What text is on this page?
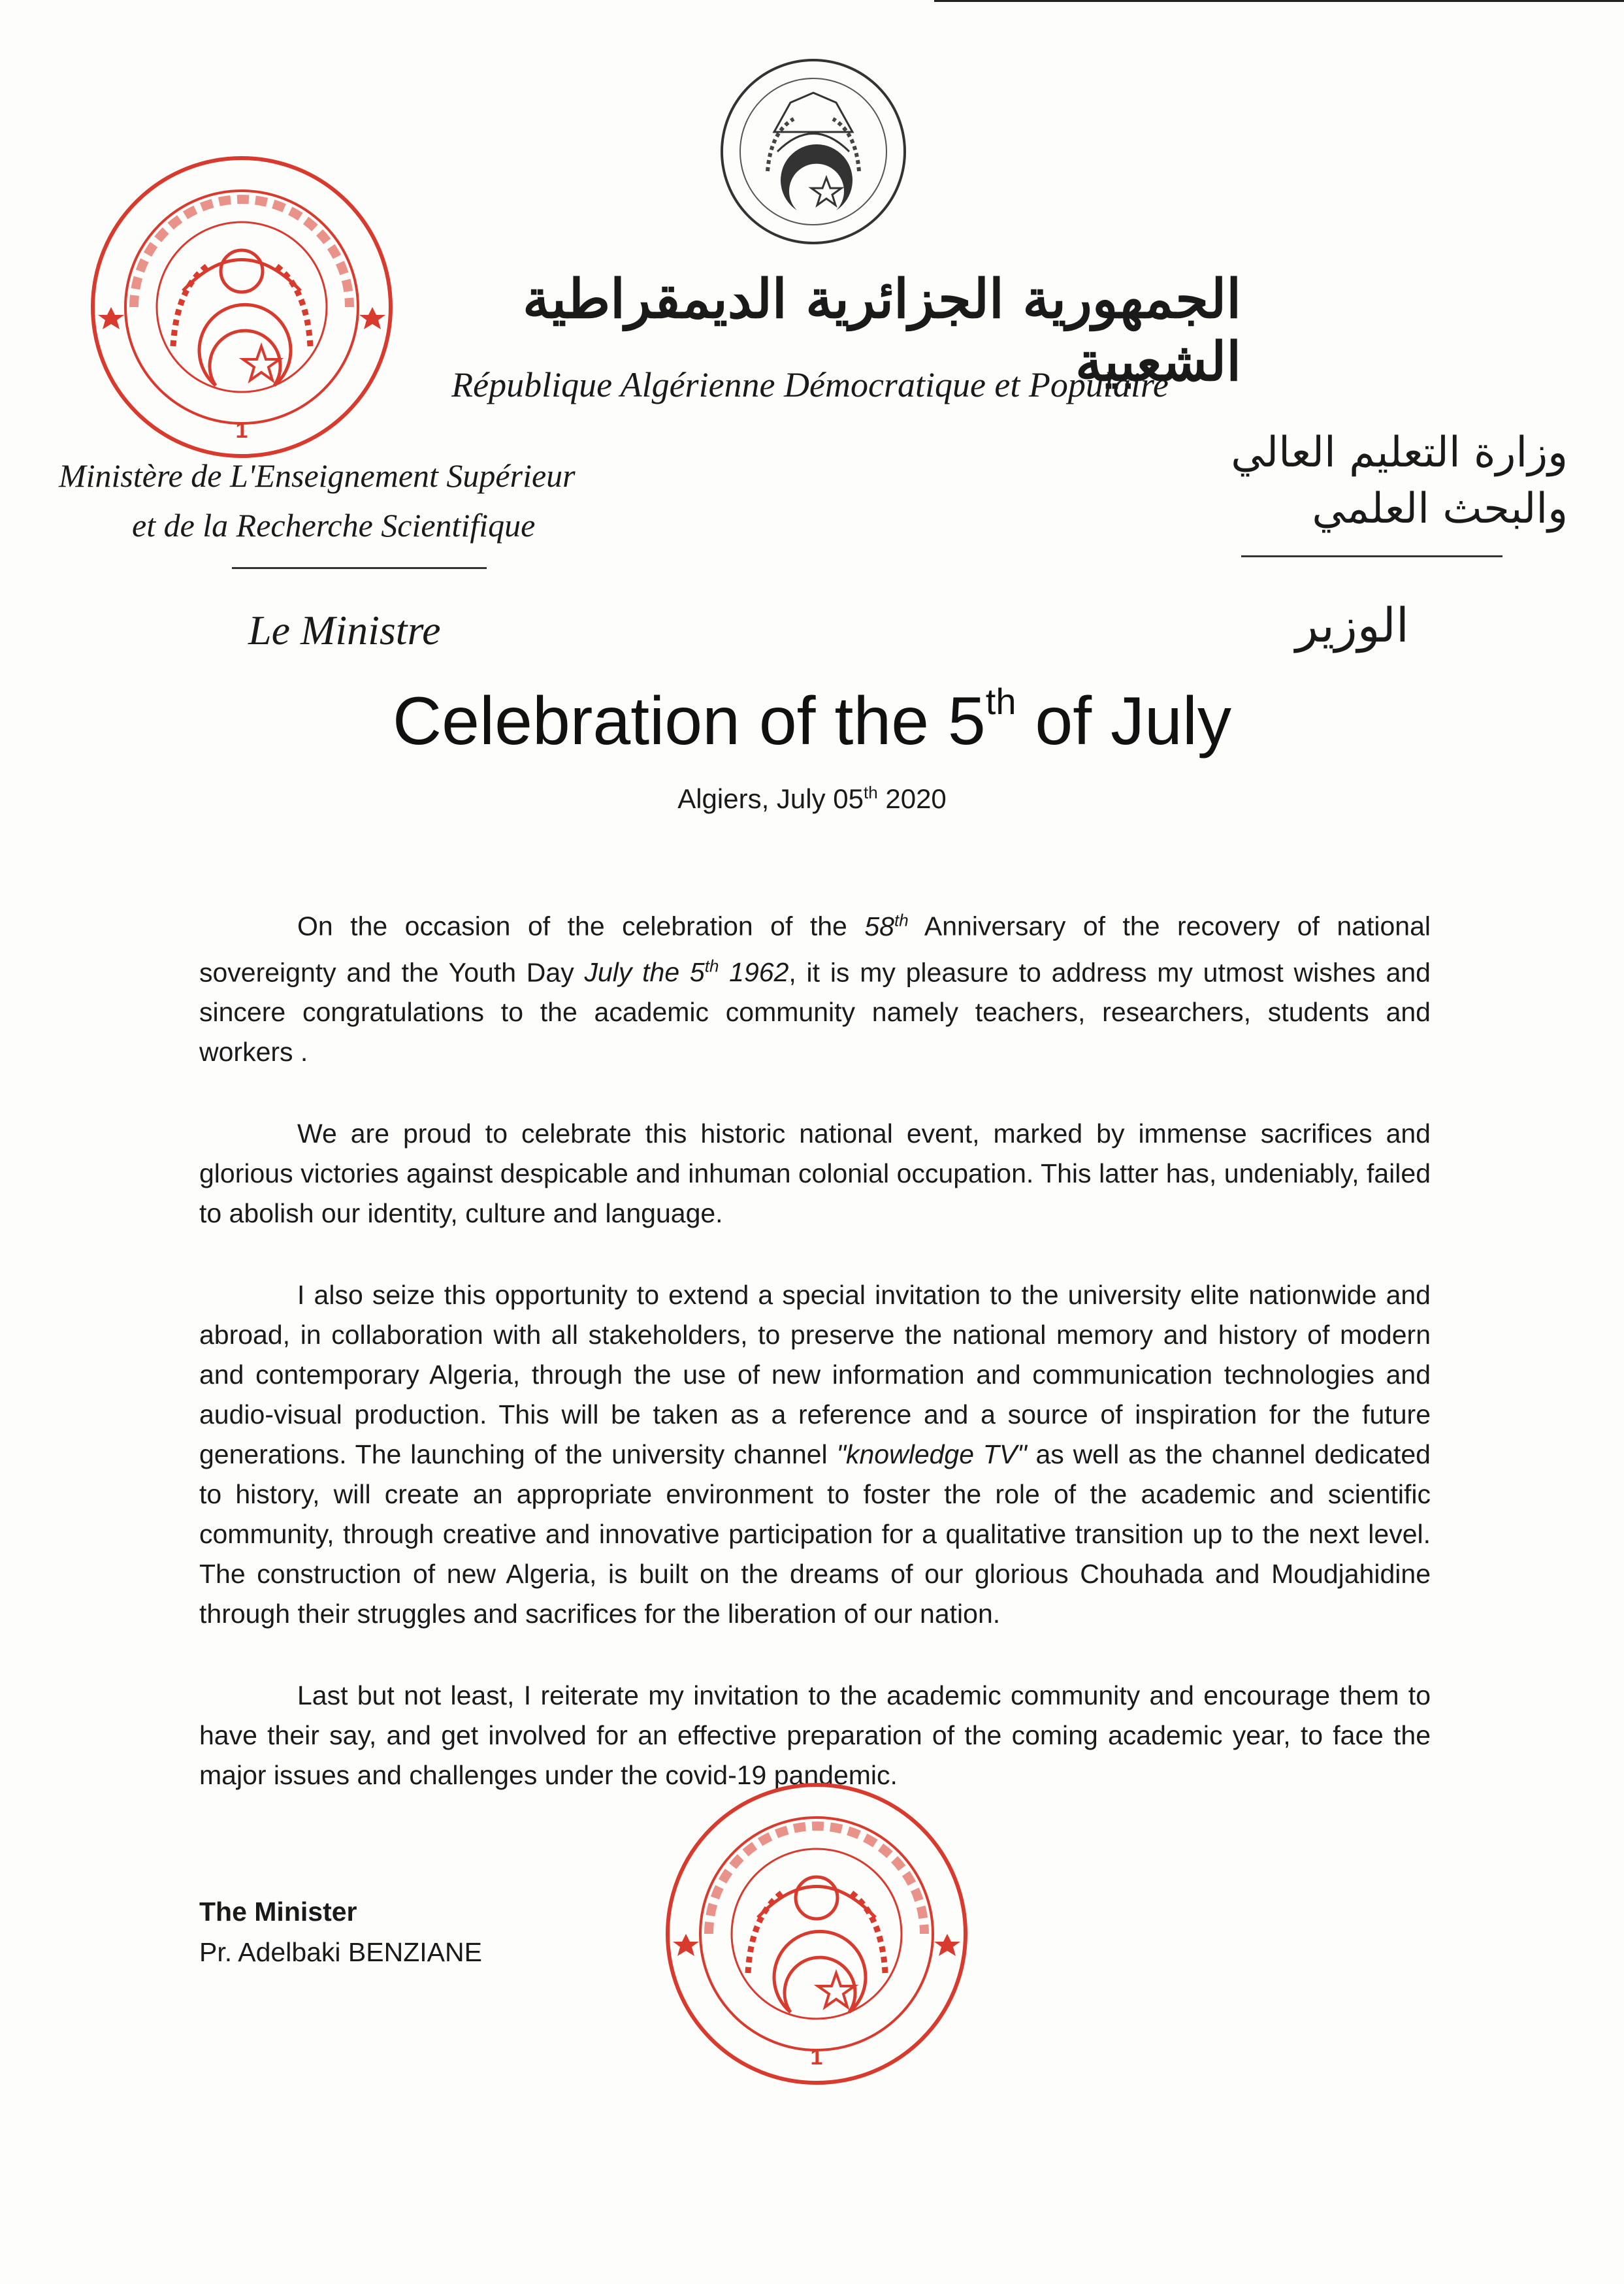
1
الجمهورية الجزائرية الديمقراطية الشعبية
République Algérienne Démocratique et Populaire
Ministère de L'Enseignement Supérieur
et de la Recherche Scientifique
وزارة التعليم العالي
والبحث العلمي
Le Ministre	الوزير
Celebration of the 5th of July
Algiers, July 05th 2020

On the occasion of the celebration of the 58th Anniversary of the recovery of national sovereignty and the Youth Day July the 5th 1962, it is my pleasure to address my utmost wishes and sincere congratulations to the academic community namely teachers, researchers, students and workers .

We are proud to celebrate this historic national event, marked by immense sacrifices and glorious victories against despicable and inhuman colonial occupation. This latter has, undeniably, failed to abolish our identity, culture and language.

I also seize this opportunity to extend a special invitation to the university elite nationwide and abroad, in collaboration with all stakeholders, to preserve the national memory and history of modern and contemporary Algeria, through the use of new information and communication technologies and audio-visual production. This will be taken as a reference and a source of inspiration for the future generations. The launching of the university channel "knowledge TV" as well as the channel dedicated to history, will create an appropriate environment to foster the role of the academic and scientific community, through creative and innovative participation for a qualitative transition up to the next level. The construction of new Algeria, is built on the dreams of our glorious Chouhada and Moudjahidine through their struggles and sacrifices for the liberation of our nation.

Last but not least, I reiterate my invitation to the academic community and encourage them to have their say, and get involved for an effective preparation of the coming academic year, to face the major issues and challenges under the covid-19 pandemic.

The Minister
Pr. Adelbaki BENZIANE
1
